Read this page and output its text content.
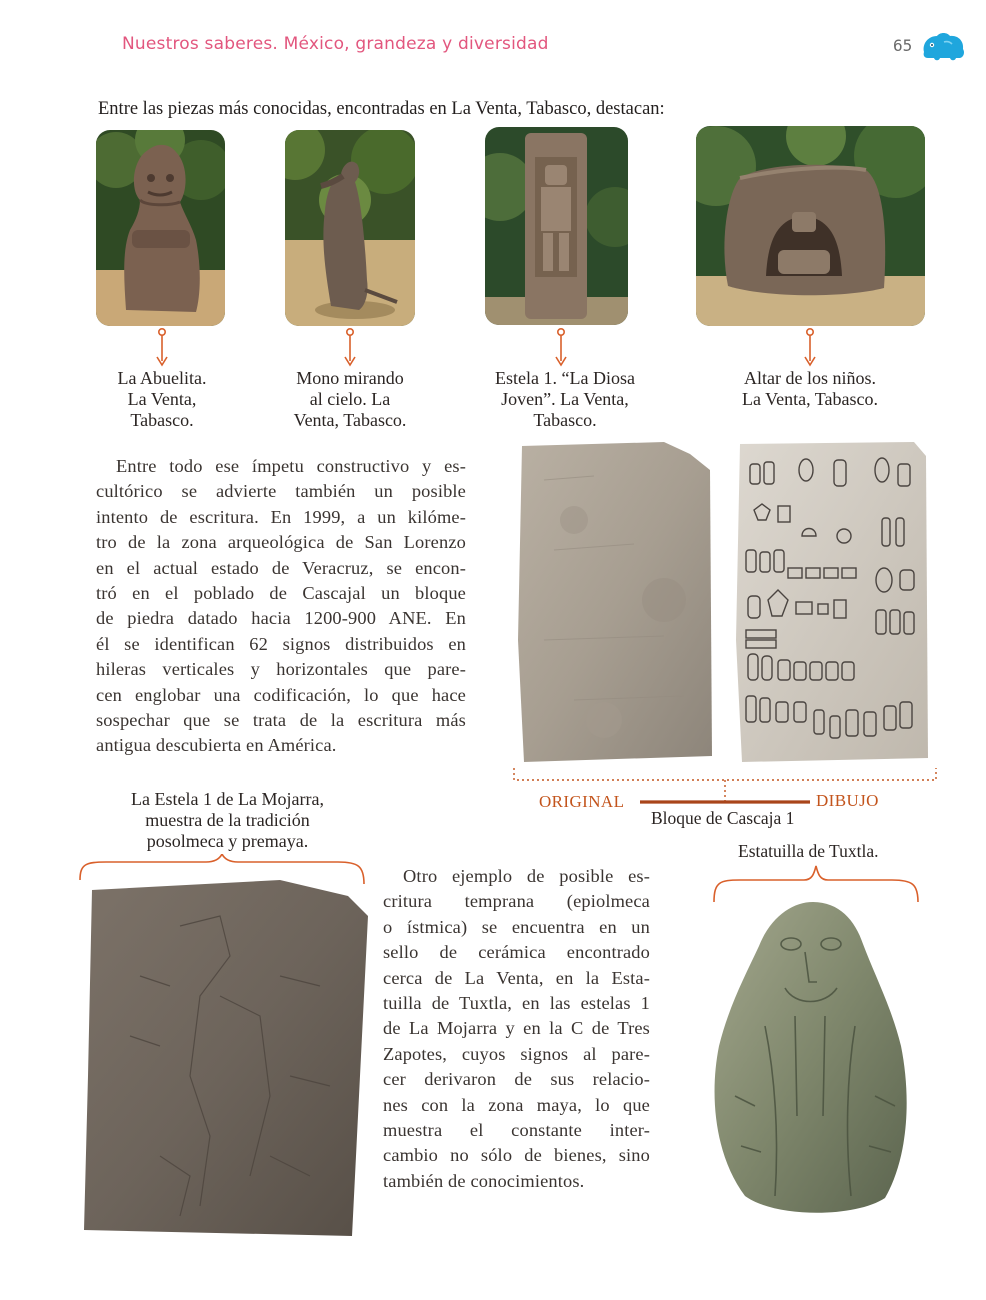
Nuestros saberes. México, grandeza y diversidad	65
Entre las piezas más conocidas, encontradas en La Venta, Tabasco, destacan:
La Abuelita.
La Venta,
Tabasco.
Mono mirando
al cielo. La
Venta, Tabasco.
Estela 1. “La Diosa
Joven”. La Venta,
Tabasco.
Altar de los niños.
La Venta, Tabasco.
Entre todo ese ímpetu constructivo y es-
cultórico se advierte también un posible
intento de escritura. En 1999, a un kilóme-
tro de la zona arqueológica de San Lorenzo
en el actual estado de Veracruz, se encon-
tró en el poblado de Cascajal un bloque
de piedra datado hacia 1200-900 ANE. En
él se identifican 62 signos distribuidos en
hileras verticales y horizontales que pare-
cen englobar una codificación, lo que hace
sospechar que se trata de la escritura más
antigua descubierta en América.
ORIGINAL	DIBUJO
Bloque de Cascaja 1
La Estela 1 de La Mojarra,
muestra de la tradición
posolmeca y premaya.
Otro ejemplo de posible es-
critura temprana (epiolmeca
o ístmica) se encuentra en un
sello de cerámica encontrado
cerca de La Venta, en la Esta-
tuilla de Tuxtla, en las estelas 1
de La Mojarra y en la C de Tres
Zapotes, cuyos signos al pare-
cer derivaron de sus relacio-
nes con la zona maya, lo que
muestra el constante inter-
cambio no sólo de bienes, sino
también de conocimientos.
Estatuilla de Tuxtla.
